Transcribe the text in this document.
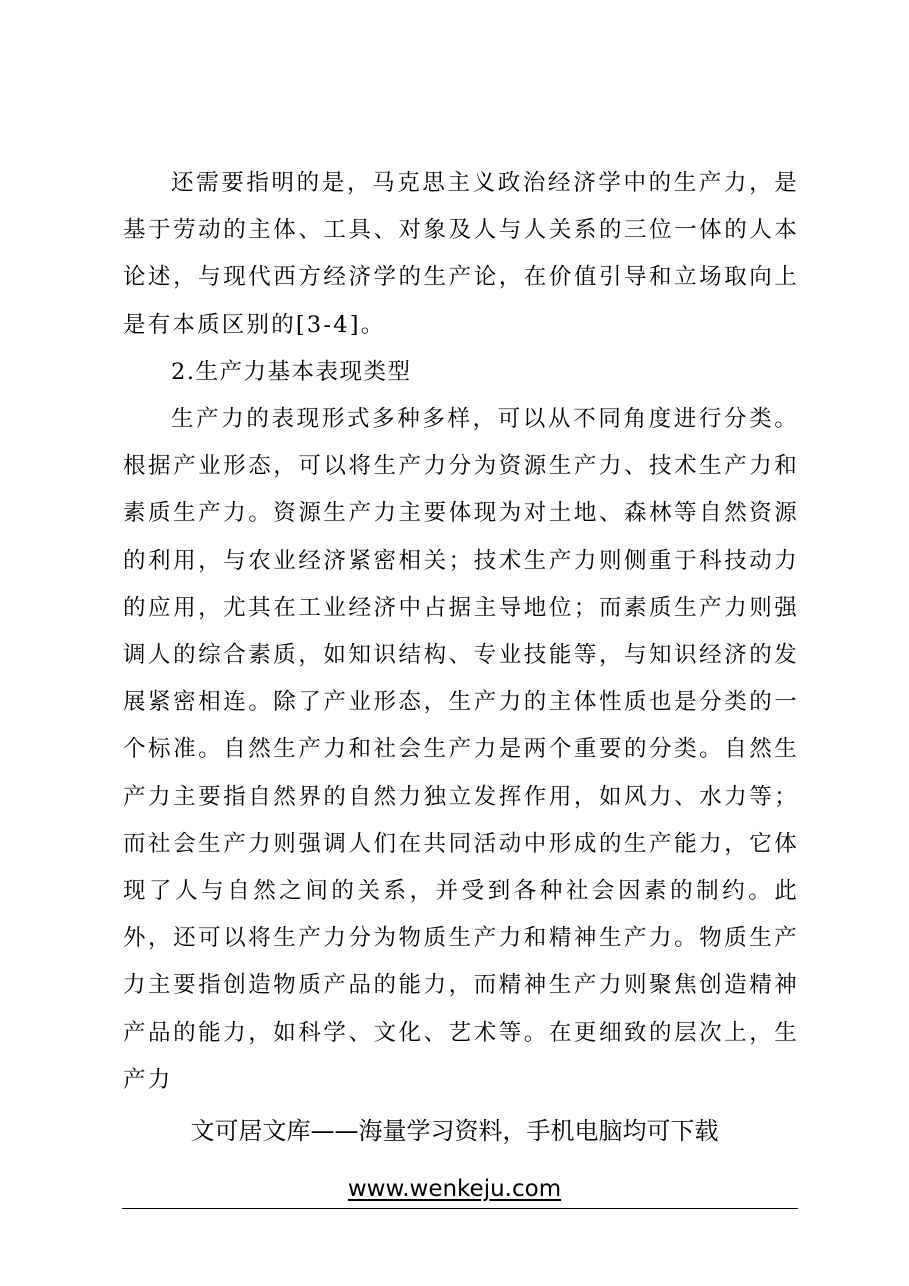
还需要指明的是，马克思主义政治经济学中的生产力，是基于劳动的主体、工具、对象及人与人关系的三位一体的人本论述，与现代西方经济学的生产论，在价值引导和立场取向上是有本质区别的[3-4]。

2.生产力基本表现类型

生产力的表现形式多种多样，可以从不同角度进行分类。根据产业形态，可以将生产力分为资源生产力、技术生产力和素质生产力。资源生产力主要体现为对土地、森林等自然资源的利用，与农业经济紧密相关；技术生产力则侧重于科技动力的应用，尤其在工业经济中占据主导地位；而素质生产力则强调人的综合素质，如知识结构、专业技能等，与知识经济的发展紧密相连。除了产业形态，生产力的主体性质也是分类的一个标准。自然生产力和社会生产力是两个重要的分类。自然生产力主要指自然界的自然力独立发挥作用，如风力、水力等；而社会生产力则强调人们在共同活动中形成的生产能力，它体现了人与自然之间的关系，并受到各种社会因素的制约。此外，还可以将生产力分为物质生产力和精神生产力。物质生产力主要指创造物质产品的能力，而精神生产力则聚焦创造精神产品的能力，如科学、文化、艺术等。在更细致的层次上，生产力

文可居文库——海量学习资料，手机电脑均可下载
www.wenkeju.com
